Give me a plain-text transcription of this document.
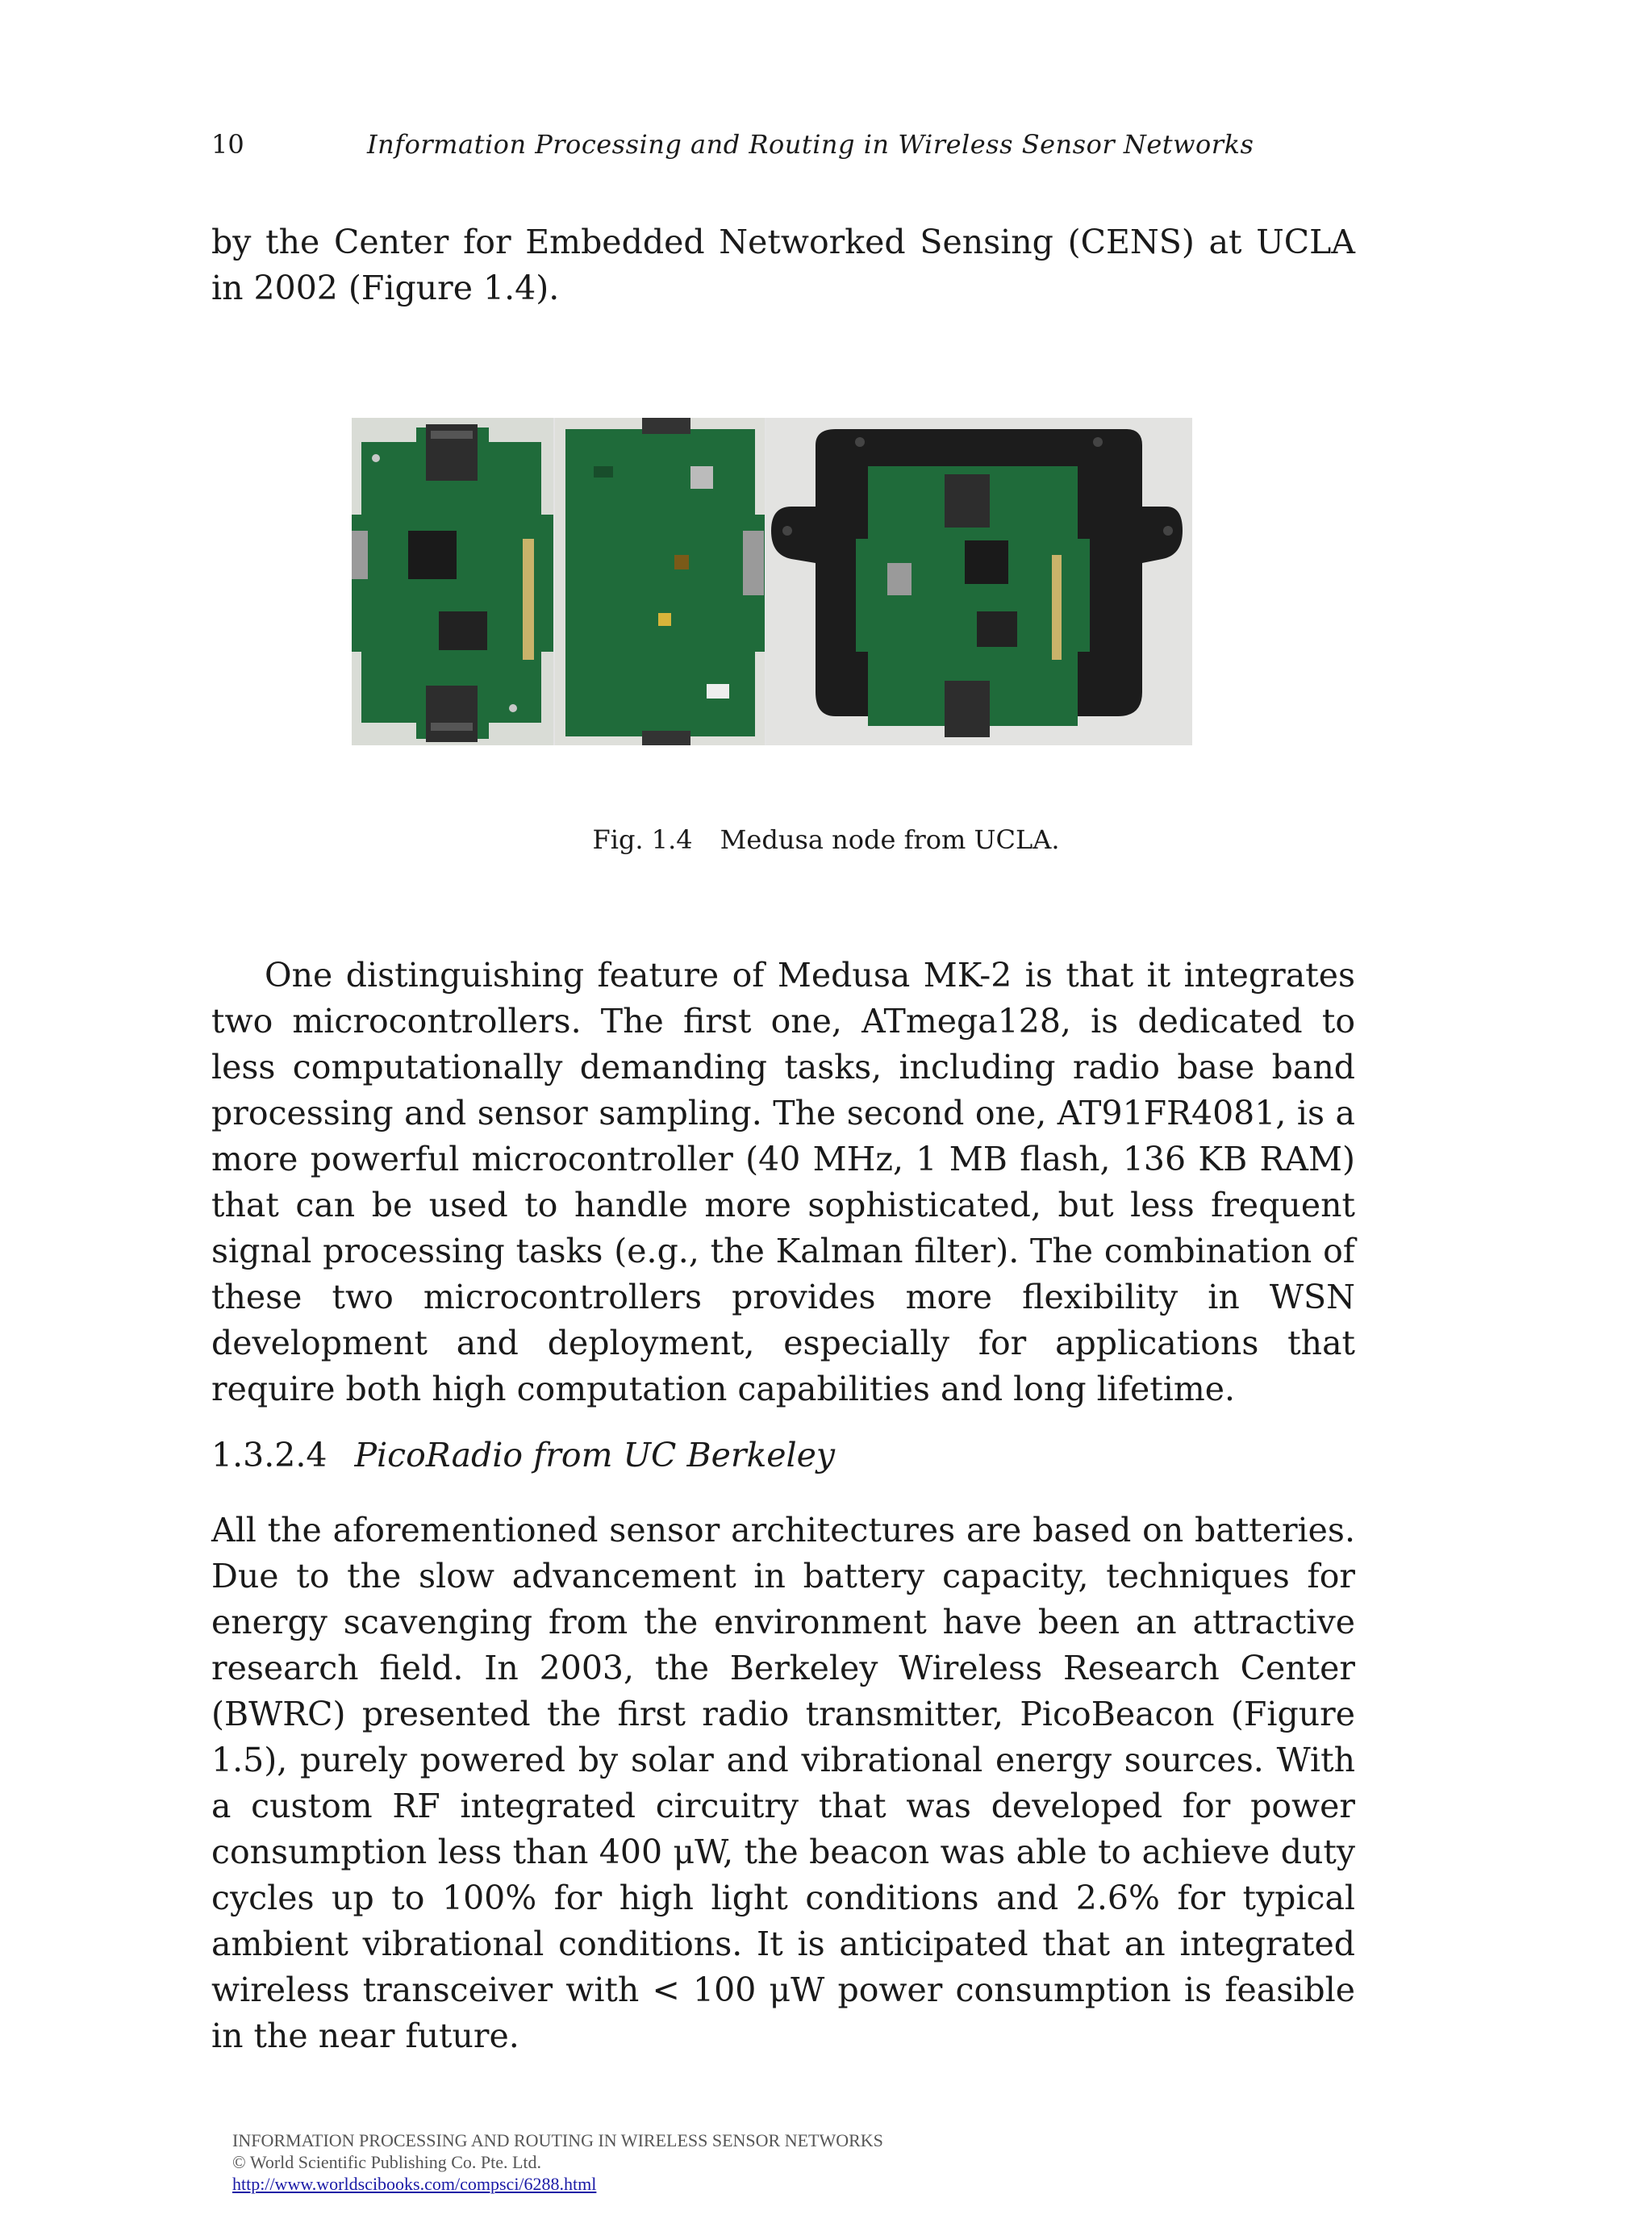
10	Information Processing and Routing in Wireless Sensor Networks

by the Center for Embedded Networked Sensing (CENS) at UCLA in 2002 (Figure 1.4).

Fig. 1.4 Medusa node from UCLA.

One distinguishing feature of Medusa MK-2 is that it integrates two microcontrollers. The first one, ATmega128, is dedicated to less computationally demanding tasks, including radio base band processing and sensor sampling. The second one, AT91FR4081, is a more powerful microcontroller (40 MHz, 1 MB flash, 136 KB RAM) that can be used to handle more sophisticated, but less frequent signal processing tasks (e.g., the Kalman filter). The combination of these two microcontrollers provides more flexibility in WSN development and deployment, especially for applications that require both high computation capabilities and long lifetime.

1.3.2.4 PicoRadio from UC Berkeley

All the aforementioned sensor architectures are based on batteries. Due to the slow advancement in battery capacity, techniques for energy scavenging from the environment have been an attractive research field. In 2003, the Berkeley Wireless Research Center (BWRC) presented the first radio transmitter, PicoBeacon (Figure 1.5), purely powered by solar and vibrational energy sources. With a custom RF integrated circuitry that was developed for power consumption less than 400 μW, the beacon was able to achieve duty cycles up to 100% for high light conditions and 2.6% for typical ambient vibrational conditions. It is anticipated that an integrated wireless transceiver with < 100 μW power consumption is feasible in the near future.

INFORMATION PROCESSING AND ROUTING IN WIRELESS SENSOR NETWORKS
© World Scientific Publishing Co. Pte. Ltd.
http://www.worldscibooks.com/compsci/6288.html
